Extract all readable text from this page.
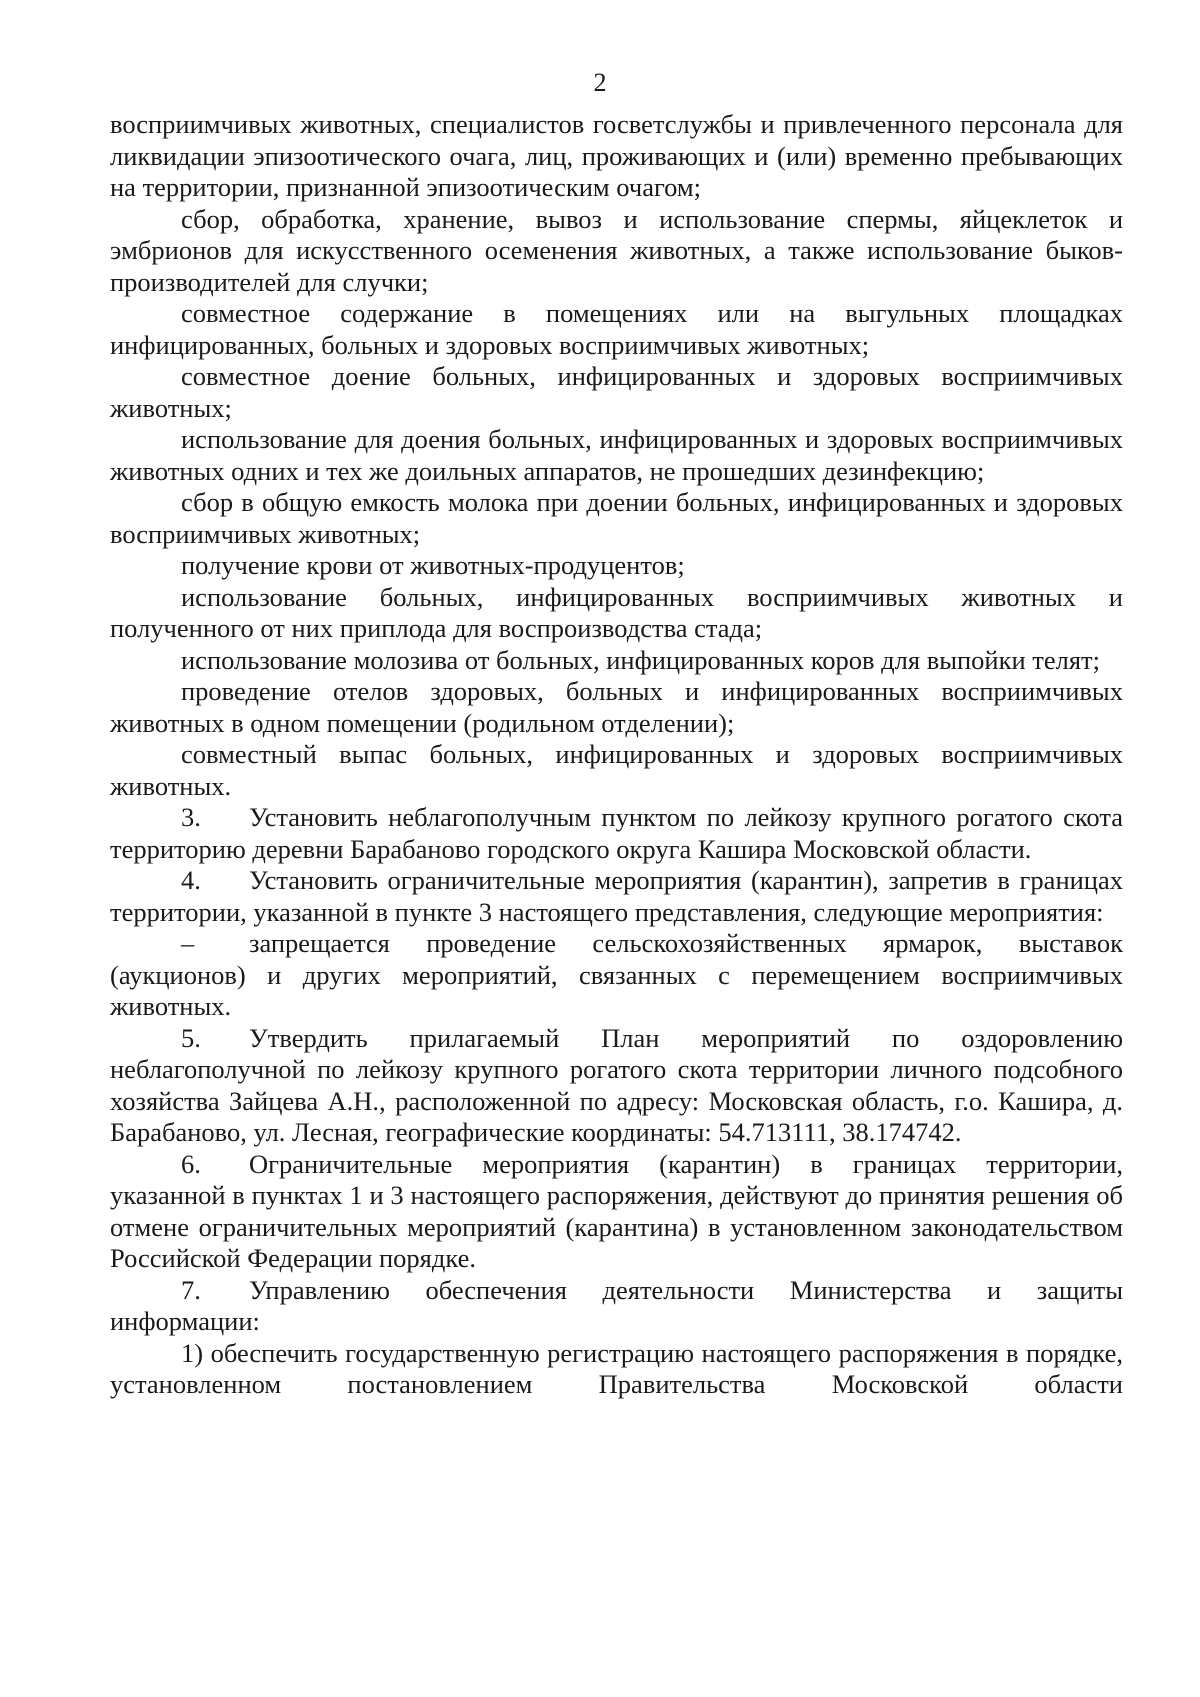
2

восприимчивых животных, специалистов госветслужбы и привлеченного персонала для ликвидации эпизоотического очага, лиц, проживающих и (или) временно пребывающих на территории, признанной эпизоотическим очагом;

сбор, обработка, хранение, вывоз и использование спермы, яйцеклеток и эмбрионов для искусственного осеменения животных, а также использование быков-производителей для случки;

совместное содержание в помещениях или на выгульных площадках инфицированных, больных и здоровых восприимчивых животных;

совместное доение больных, инфицированных и здоровых восприимчивых животных;

использование для доения больных, инфицированных и здоровых восприимчивых животных одних и тех же доильных аппаратов, не прошедших дезинфекцию;

сбор в общую емкость молока при доении больных, инфицированных и здоровых восприимчивых животных;

получение крови от животных-продуцентов;

использование больных, инфицированных восприимчивых животных и полученного от них приплода для воспроизводства стада;

использование молозива от больных, инфицированных коров для выпойки телят;

проведение отелов здоровых, больных и инфицированных восприимчивых животных в одном помещении (родильном отделении);

совместный выпас больных, инфицированных и здоровых восприимчивых животных.

3. Установить неблагополучным пунктом по лейкозу крупного рогатого скота территорию деревни Барабаново городского округа Кашира Московской области.

4. Установить ограничительные мероприятия (карантин), запретив в границах территории, указанной в пункте 3 настоящего представления, следующие мероприятия:

– запрещается проведение сельскохозяйственных ярмарок, выставок (аукционов) и других мероприятий, связанных с перемещением восприимчивых животных.

5. Утвердить прилагаемый План мероприятий по оздоровлению неблагополучной по лейкозу крупного рогатого скота территории личного подсобного хозяйства Зайцева А.Н., расположенной по адресу: Московская область, г.о. Кашира, д. Барабаново, ул. Лесная, географические координаты: 54.713111, 38.174742.

6. Ограничительные мероприятия (карантин) в границах территории, указанной в пунктах 1 и 3 настоящего распоряжения, действуют до принятия решения об отмене ограничительных мероприятий (карантина) в установленном законодательством Российской Федерации порядке.

7. Управлению обеспечения деятельности Министерства и защиты информации:

1) обеспечить государственную регистрацию настоящего распоряжения в порядке, установленном постановлением Правительства Московской области
